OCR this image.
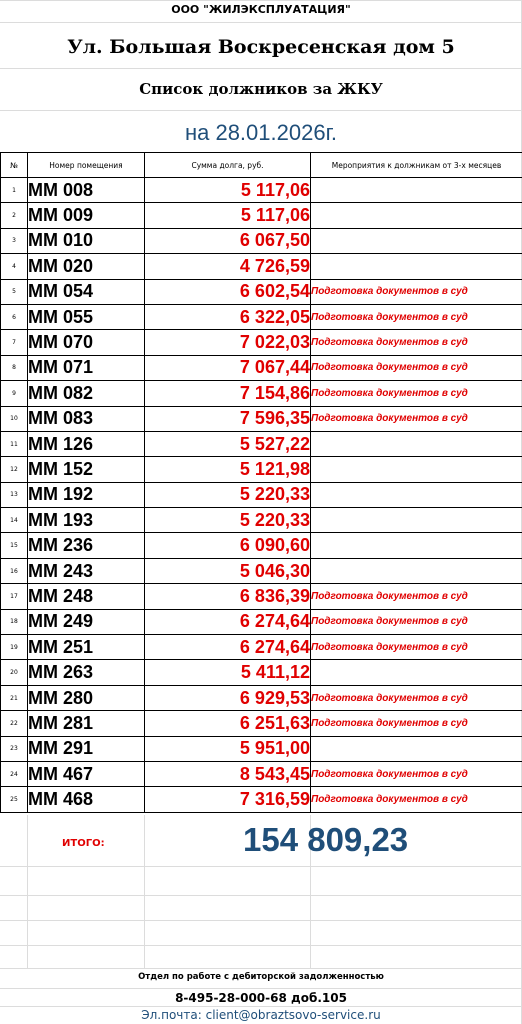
ООО "ЖИЛЭКСПЛУАТАЦИЯ"
Ул. Большая Воскресенская дом 5
Список должников за ЖКУ
на 28.01.2026г.
№	Номер помещения	Сумма долга, руб.	Мероприятия к должникам от 3-х месяцев
1	ММ 008	5 117,06	
2	ММ 009	5 117,06	
3	ММ 010	6 067,50	
4	ММ 020	4 726,59	
5	ММ 054	6 602,54	Подготовка документов в суд
6	ММ 055	6 322,05	Подготовка документов в суд
7	ММ 070	7 022,03	Подготовка документов в суд
8	ММ 071	7 067,44	Подготовка документов в суд
9	ММ 082	7 154,86	Подготовка документов в суд
10	ММ 083	7 596,35	Подготовка документов в суд
11	ММ 126	5 527,22	
12	ММ 152	5 121,98	
13	ММ 192	5 220,33	
14	ММ 193	5 220,33	
15	ММ 236	6 090,60	
16	ММ 243	5 046,30	
17	ММ 248	6 836,39	Подготовка документов в суд
18	ММ 249	6 274,64	Подготовка документов в суд
19	ММ 251	6 274,64	Подготовка документов в суд
20	ММ 263	5 411,12	
21	ММ 280	6 929,53	Подготовка документов в суд
22	ММ 281	6 251,63	Подготовка документов в суд
23	ММ 291	5 951,00	
24	ММ 467	8 543,45	Подготовка документов в суд
25	ММ 468	7 316,59	Подготовка документов в суд
ИТОГО:	154 809,23
Отдел по работе с дебиторской задолженностью
8-495-28-000-68 доб.105
Эл.почта: client@obraztsovo-service.ru
